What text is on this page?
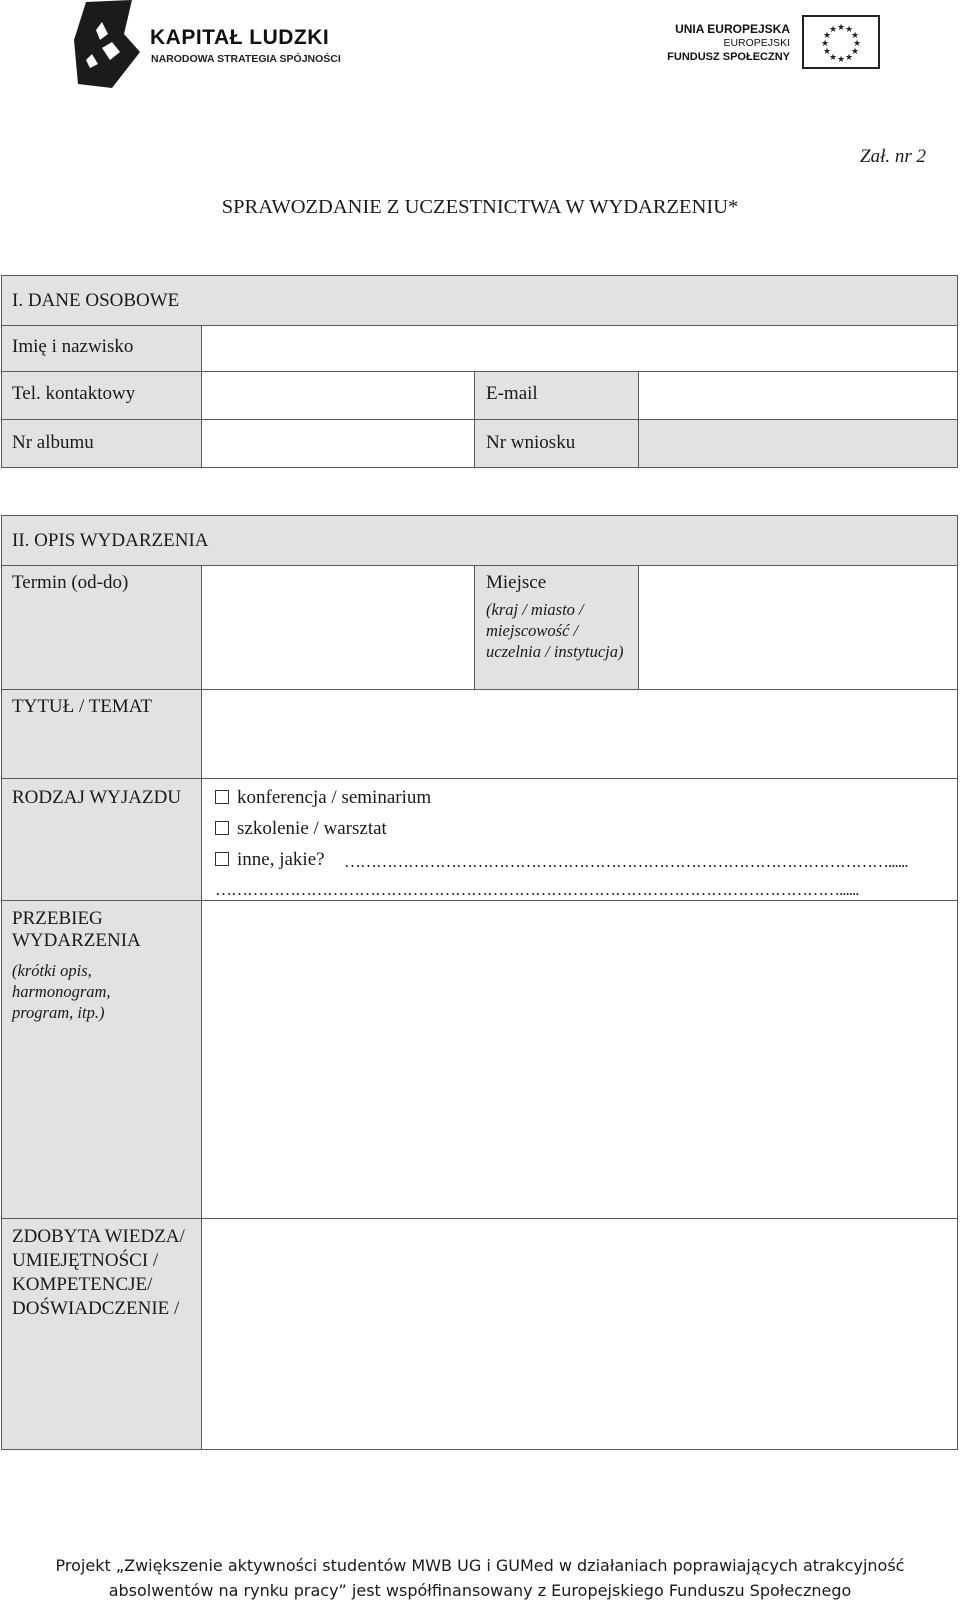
KAPITAŁ LUDZKI
NARODOWA STRATEGIA SPÓJNOŚCI
UNIA EUROPEJSKA
EUROPEJSKI
FUNDUSZ SPOŁECZNY
★ ★
★
★
★
★
★
★
★
★
★
★
Zał. nr 2
SPRAWOZDANIE Z UCZESTNICTWA W WYDARZENIU*
I. DANE OSOBOWE
Imię i nazwisko
Tel. kontaktowy	E-mail
Nr albumu	Nr wniosku
II. OPIS WYDARZENIA
Termin (od-do)	Miejsce
(kraj / miasto / miejscowość / uczelnia / instytucja)
TYTUŁ / TEMAT
RODZAJ WYJAZDU	konferencja / seminarium
szkolenie / warsztat
inne, jakie? …………………………………………………………………………………………......
………………………………………………………………………………………………………......
PRZEBIEG WYDARZENIA
(krótki opis, harmonogram, program, itp.)
ZDOBYTA WIEDZA/ UMIEJĘTNOŚCI / KOMPETENCJE/ DOŚWIADCZENIE /
Projekt „Zwiększenie aktywności studentów MWB UG i GUMed w działaniach poprawiających atrakcyjność
absolwentów na rynku pracy” jest współfinansowany z Europejskiego Funduszu Społecznego
